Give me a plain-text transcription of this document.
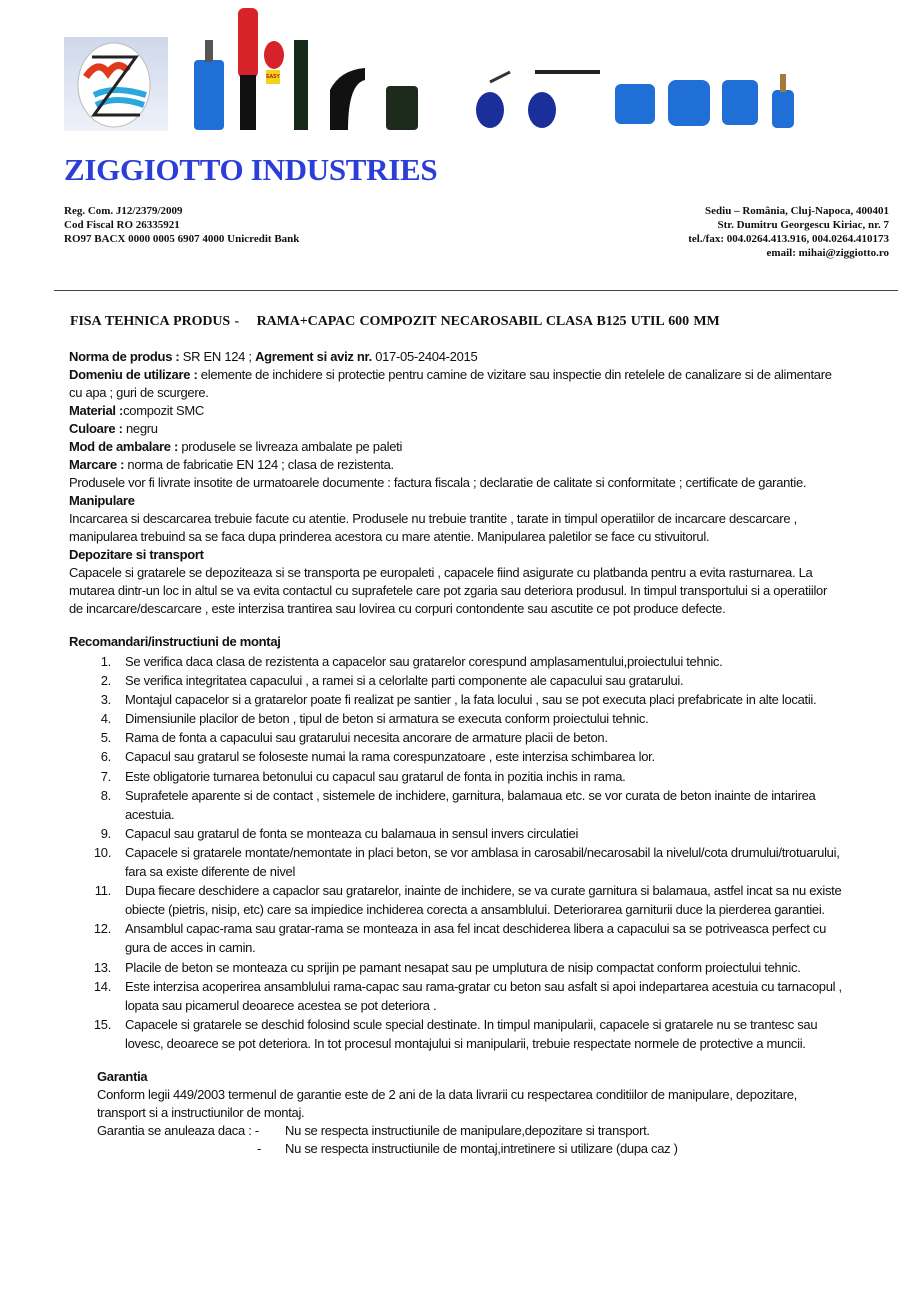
EASY
ZIGGIOTTO INDUSTRIES
Reg. Com. J12/2379/2009
Cod Fiscal RO 26335921
RO97 BACX 0000 0005 6907 4000 Unicredit Bank
Sediu – România, Cluj-Napoca, 400401
Str. Dumitru Georgescu Kiriac, nr. 7
tel./fax: 004.0264.413.916, 004.0264.410173
email: mihai@ziggiotto.ro
FISA TEHNICA PRODUS -    RAMA+CAPAC COMPOZIT NECAROSABIL CLASA B125 UTIL 600 MM

Norma de produs : SR EN 124 ; Agrement si aviz nr. 017-05-2404-2015

Domeniu de utilizare : elemente de inchidere si protectie pentru camine de vizitare sau inspectie din retelele de canalizare si de alimentare cu apa ; guri de scurgere.

Material :compozit SMC

Culoare : negru

Mod de ambalare : produsele se livreaza ambalate pe paleti

Marcare : norma de fabricatie EN 124 ; clasa de rezistenta.

Produsele vor fi livrate insotite de urmatoarele documente : factura fiscala ; declaratie de calitate si conformitate ; certificate de garantie.

Manipulare

Incarcarea si descarcarea trebuie facute cu atentie. Produsele nu trebuie trantite , tarate in timpul operatiilor de incarcare descarcare , manipularea trebuind sa se faca dupa prinderea acestora cu mare atentie. Manipularea paletilor se face cu stivuitorul.

Depozitare si transport

Capacele si gratarele se depoziteaza si se transporta pe europaleti , capacele fiind asigurate cu platbanda pentru a evita rasturnarea. La mutarea dintr-un loc in altul se va evita contactul cu suprafetele care pot zgaria sau deteriora produsul. In timpul transportului si a operatiilor de incarcare/descarcare , este interzisa trantirea sau lovirea cu corpuri contondente sau ascutite ce pot produce defecte.

Recomandari/instructiuni de montaj

1. Se verifica daca clasa de rezistenta a capacelor sau gratarelor corespund amplasamentului,proiectului tehnic.
2. Se verifica integritatea capacului , a ramei si a celorlalte parti componente ale capacului sau gratarului.
3. Montajul capacelor si a gratarelor poate fi realizat pe santier , la fata locului , sau se pot executa placi prefabricate in alte locatii.
4. Dimensiunile placilor de beton , tipul de beton si armatura se executa conform proiectului tehnic.
5. Rama de fonta a capacului sau gratarului necesita ancorare de armature placii de beton.
6. Capacul sau gratarul se foloseste numai la rama corespunzatoare , este interzisa schimbarea lor.
7. Este obligatorie turnarea betonului cu capacul sau gratarul de fonta in pozitia inchis in rama.
8. Suprafetele aparente si de contact , sistemele de inchidere, garnitura, balamaua etc. se vor curata de beton inainte de intarirea acestuia.
9. Capacul sau gratarul de fonta se monteaza cu balamaua in sensul invers circulatiei
10. Capacele si gratarele montate/nemontate in placi beton, se vor amblasa in carosabil/necarosabil la nivelul/cota drumului/trotuarului, fara sa existe diferente de nivel
11. Dupa fiecare deschidere a capaclor sau gratarelor, inainte de inchidere, se va curate garnitura si balamaua, astfel incat sa nu existe obiecte (pietris, nisip, etc) care sa impiedice inchiderea corecta a ansamblului. Deteriorarea garniturii duce la pierderea garantiei.
12. Ansamblul capac-rama sau gratar-rama se monteaza in asa fel incat deschiderea libera a capacului sa se potriveasca perfect cu gura de acces in camin.
13. Placile de beton se monteaza cu sprijin pe pamant nesapat sau pe umplutura de nisip compactat conform proiectului tehnic.
14. Este interzisa acoperirea ansamblului rama-capac sau rama-gratar cu beton sau asfalt si apoi indepartarea acestuia cu tarnacopul , lopata sau picamerul deoarece acestea se pot deteriora .
15. Capacele si gratarele se deschid folosind scule special destinate. In timpul manipularii, capacele si gratarele nu se trantesc sau lovesc, deoarece se pot deteriora. In tot procesul montajului si manipularii, trebuie respectate normele de protective a muncii.

Garantia

Conform legii 449/2003 termenul de garantie este de 2 ani de la data livrarii cu respectarea conditiilor de manipulare, depozitare, transport si a instructiunilor de montaj.

Garantia se anuleaza daca : -	Nu se respecta instructiunile de manipulare,depozitare si transport.
-	Nu se respecta instructiunile de montaj,intretinere si utilizare (dupa caz )
